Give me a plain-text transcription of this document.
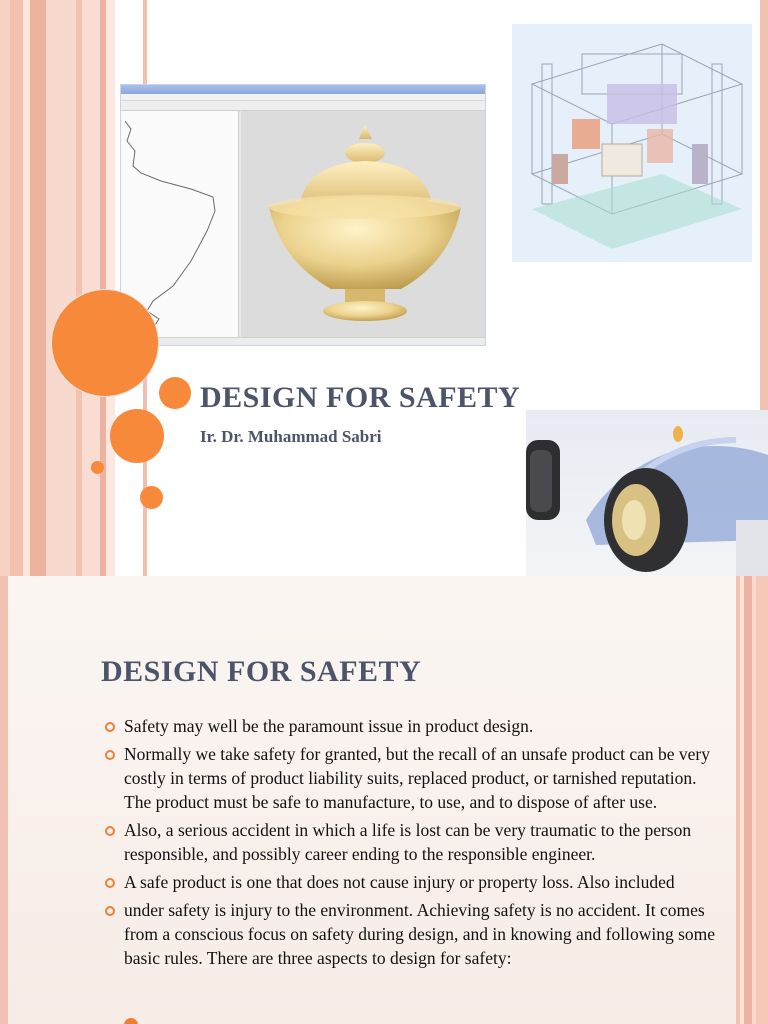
DESIGN FOR SAFETY
Ir. Dr. Muhammad Sabri
DESIGN FOR SAFETY
Safety may well be the paramount issue in product design.
Normally we take safety for granted, but the recall of an unsafe product can be very costly in terms of product liability suits, replaced product, or tarnished reputation. The product must be safe to manufacture, to use, and to dispose of after use.
Also, a serious accident in which a life is lost can be very traumatic to the person responsible, and possibly career ending to the responsible engineer.
A safe product is one that does not cause injury or property loss. Also included
under safety is injury to the environment. Achieving safety is no accident. It comes from a conscious focus on safety during design, and in knowing and following some basic rules. There are three aspects to design for safety:
